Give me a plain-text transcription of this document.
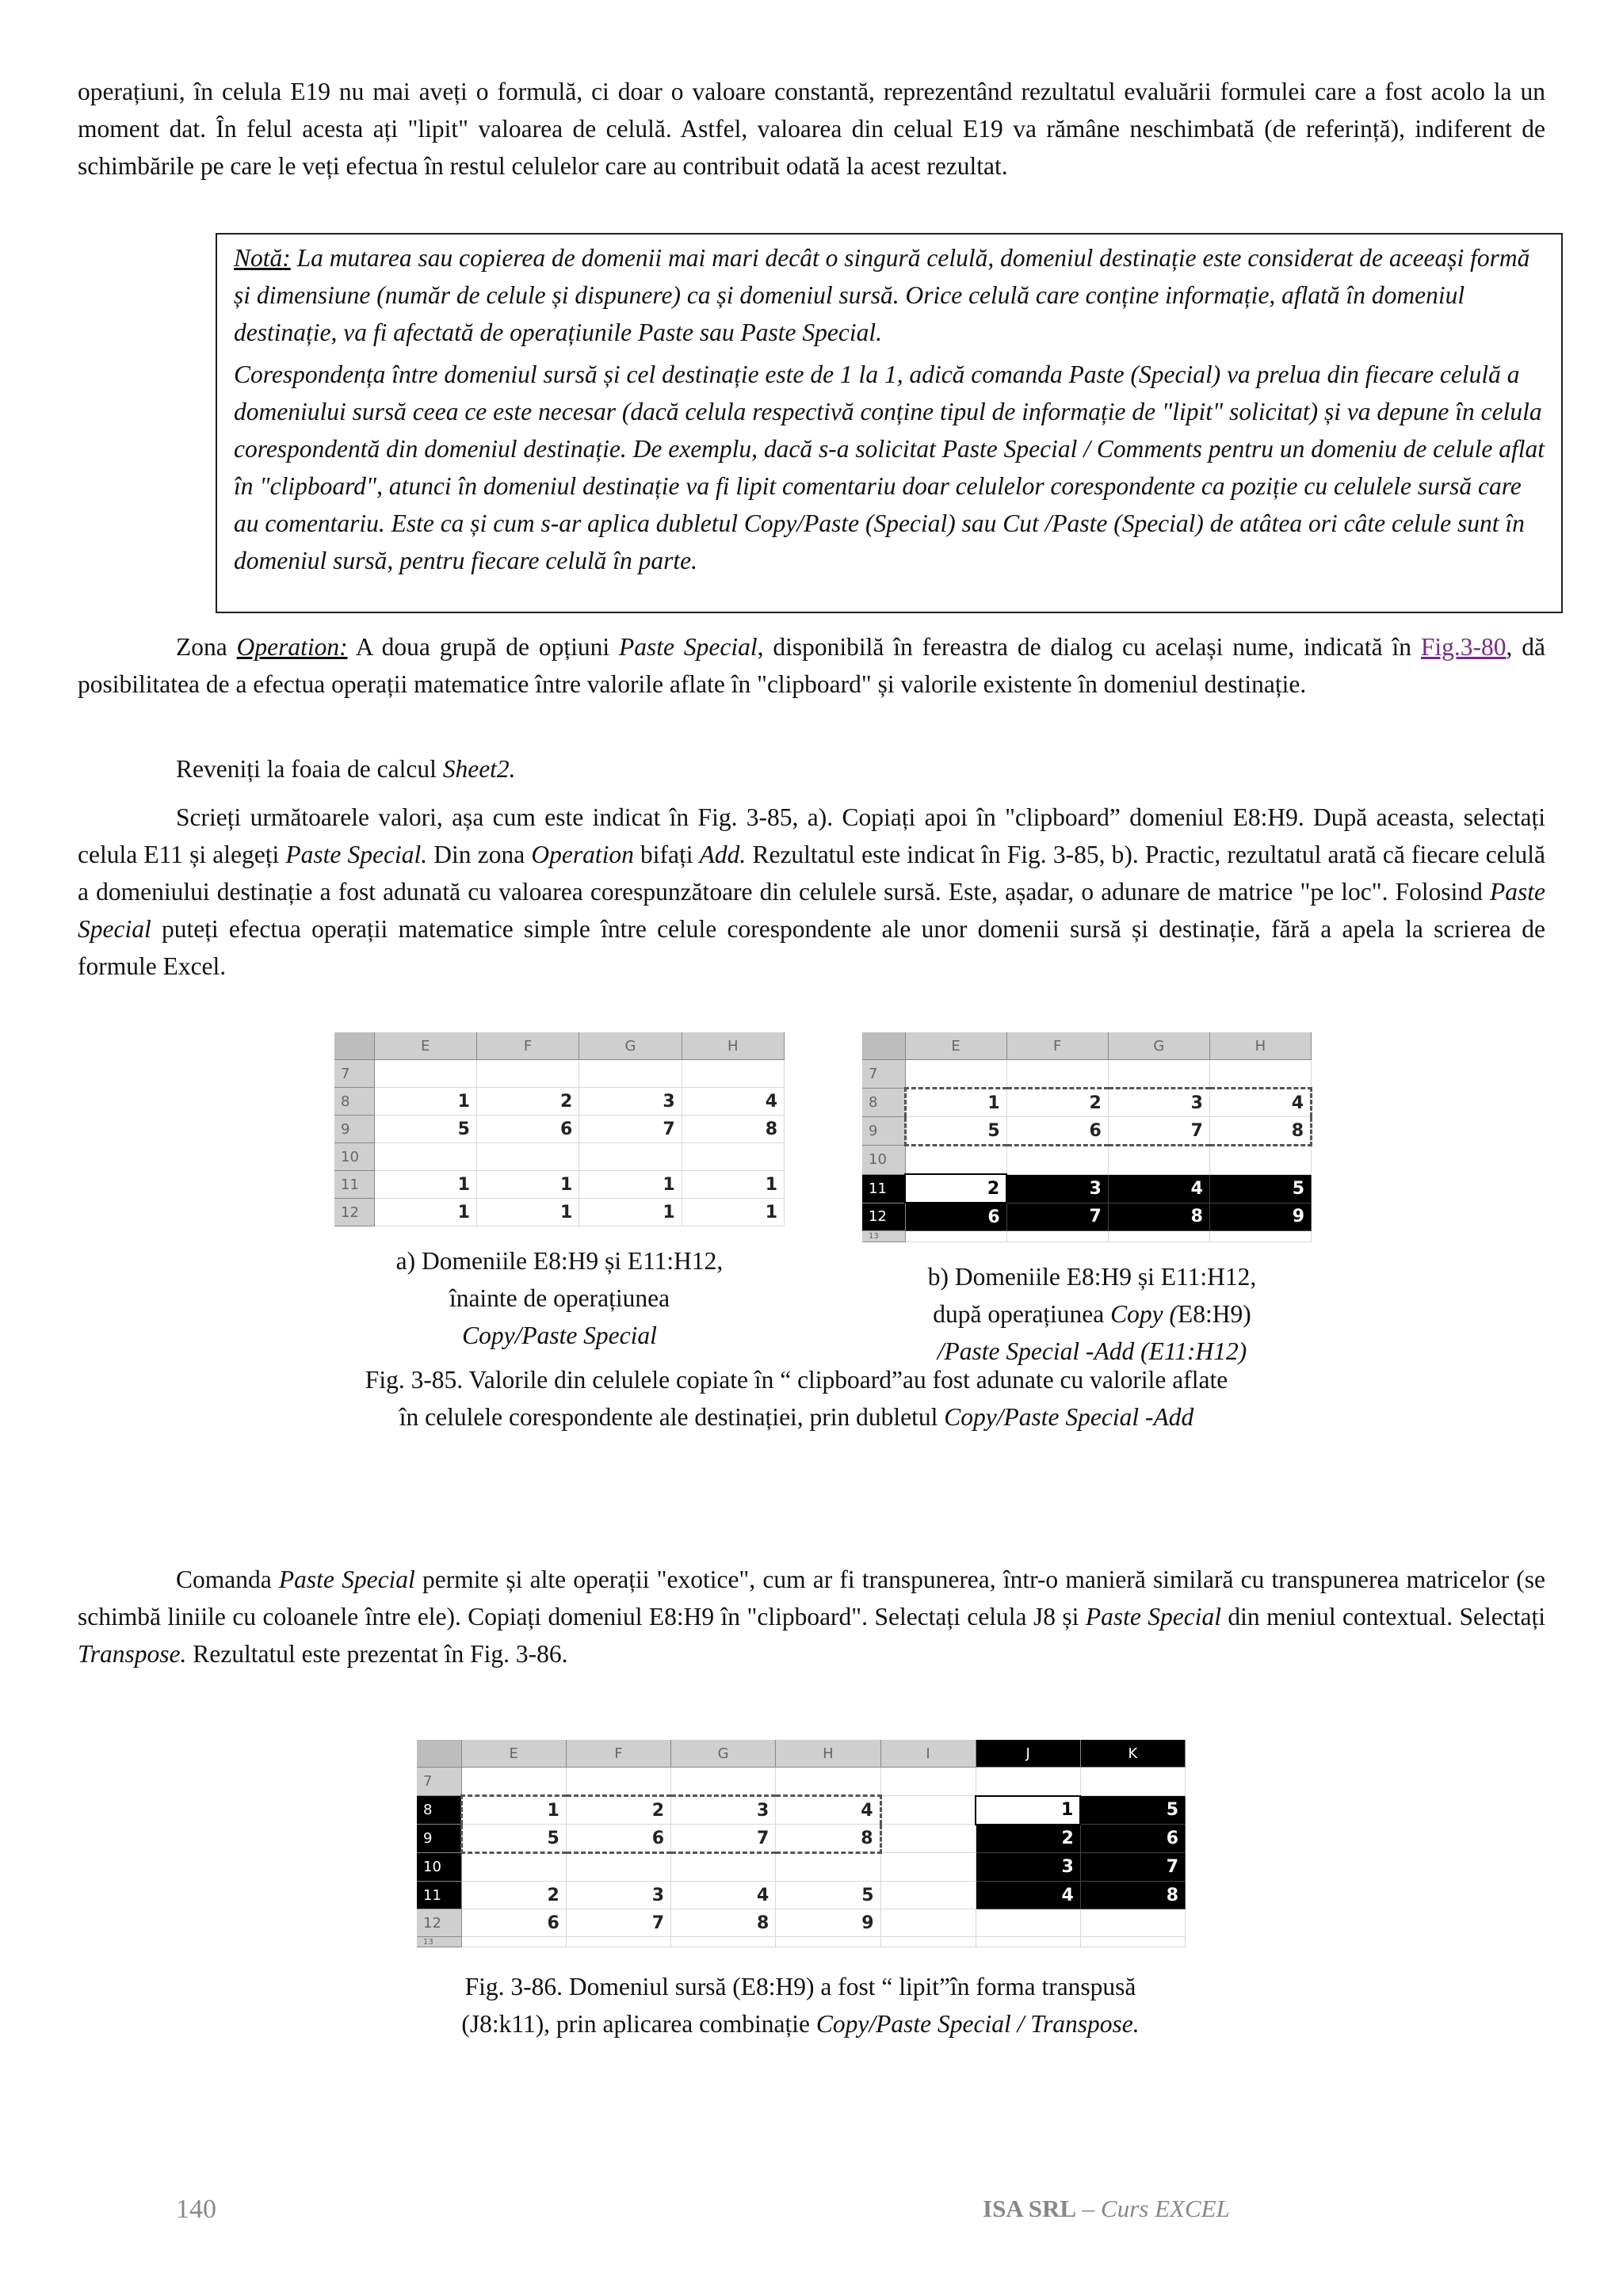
operațiuni, în celula E19 nu mai aveți o formulă, ci doar o valoare constantă, reprezentând rezultatul evaluării formulei care a fost acolo la un moment dat. În felul acesta ați "lipit" valoarea de celulă. Astfel, valoarea din celual E19 va rămâne neschimbată (de referință), indiferent de schimbările pe care le veți efectua în restul celulelor care au contribuit odată la acest rezultat.

Notă: La mutarea sau copierea de domenii mai mari decât o singură celulă, domeniul destinație este considerat de aceeași formă și dimensiune (număr de celule și dispunere) ca și domeniul sursă. Orice celulă care conține informație, aflată în domeniul destinație, va fi afectată de operațiunile Paste sau Paste Special.

Corespondența între domeniul sursă și cel destinație este de 1 la 1, adică comanda Paste (Special) va prelua din fiecare celulă a domeniului sursă ceea ce este necesar (dacă celula respectivă conține tipul de informație de "lipit" solicitat) și va depune în celula corespondentă din domeniul destinație. De exemplu, dacă s-a solicitat Paste Special / Comments pentru un domeniu de celule aflat în "clipboard", atunci în domeniul destinație va fi lipit comentariu doar celulelor corespondente ca poziție cu celulele sursă care au comentariu. Este ca și cum s-ar aplica dubletul Copy/Paste (Special) sau Cut /Paste (Special) de atâtea ori câte celule sunt în domeniul sursă, pentru fiecare celulă în parte.

Zona Operation: A doua grupă de opțiuni Paste Special, disponibilă în fereastra de dialog cu același nume, indicată în Fig.3-80, dă posibilitatea de a efectua operații matematice între valorile aflate în "clipboard" și valorile existente în domeniul destinație.

Reveniți la foaia de calcul Sheet2.

Scrieți următoarele valori, așa cum este indicat în Fig. 3-85, a). Copiați apoi în "clipboard” domeniul E8:H9. După aceasta, selectați celula E11 și alegeți Paste Special. Din zona Operation bifați Add. Rezultatul este indicat în Fig. 3-85, b). Practic, rezultatul arată că fiecare celulă a domeniului destinație a fost adunată cu valoarea corespunzătoare din celulele sursă. Este, așadar, o adunare de matrice "pe loc". Folosind Paste Special puteți efectua operații matematice simple între celule corespondente ale unor domenii sursă și destinație, fără a apela la scrierea de formule Excel.

	E	F	G	H
7				
8	1	2	3	4
9	5	6	7	8
10				
11	1	1	1	1
12	1	1	1	1
a) Domeniile E8:H9 și E11:H12,
înainte de operațiunea
Copy/Paste Special
	E	F	G	H
7				
8	1	2	3	4
9	5	6	7	8
10				
11	2	3	4	5
12	6	7	8	9
13				
b) Domeniile E8:H9 și E11:H12,
după operațiunea Copy (E8:H9)
/Paste Special -Add (E11:H12)
Fig. 3-85. Valorile din celulele copiate în “ clipboard”au fost adunate cu valorile aflate
în celulele corespondente ale destinației, prin dubletul Copy/Paste Special -Add

Comanda Paste Special permite și alte operații "exotice", cum ar fi transpunerea, într-o manieră similară cu transpunerea matricelor (se schimbă liniile cu coloanele între ele). Copiați domeniul E8:H9 în "clipboard". Selectați celula J8 și Paste Special din meniul contextual. Selectați Transpose. Rezultatul este prezentat în Fig. 3-86.

	E	F	G	H	I	J	K
7							
8	1	2	3	4		1	5
9	5	6	7	8		2	6
10						3	7
11	2	3	4	5		4	8
12	6	7	8	9			
13							
Fig. 3-86. Domeniul sursă (E8:H9) a fost “ lipit”în forma transpusă
(J8:k11), prin aplicarea combinație Copy/Paste Special / Transpose.
140	ISA SRL – Curs EXCEL
